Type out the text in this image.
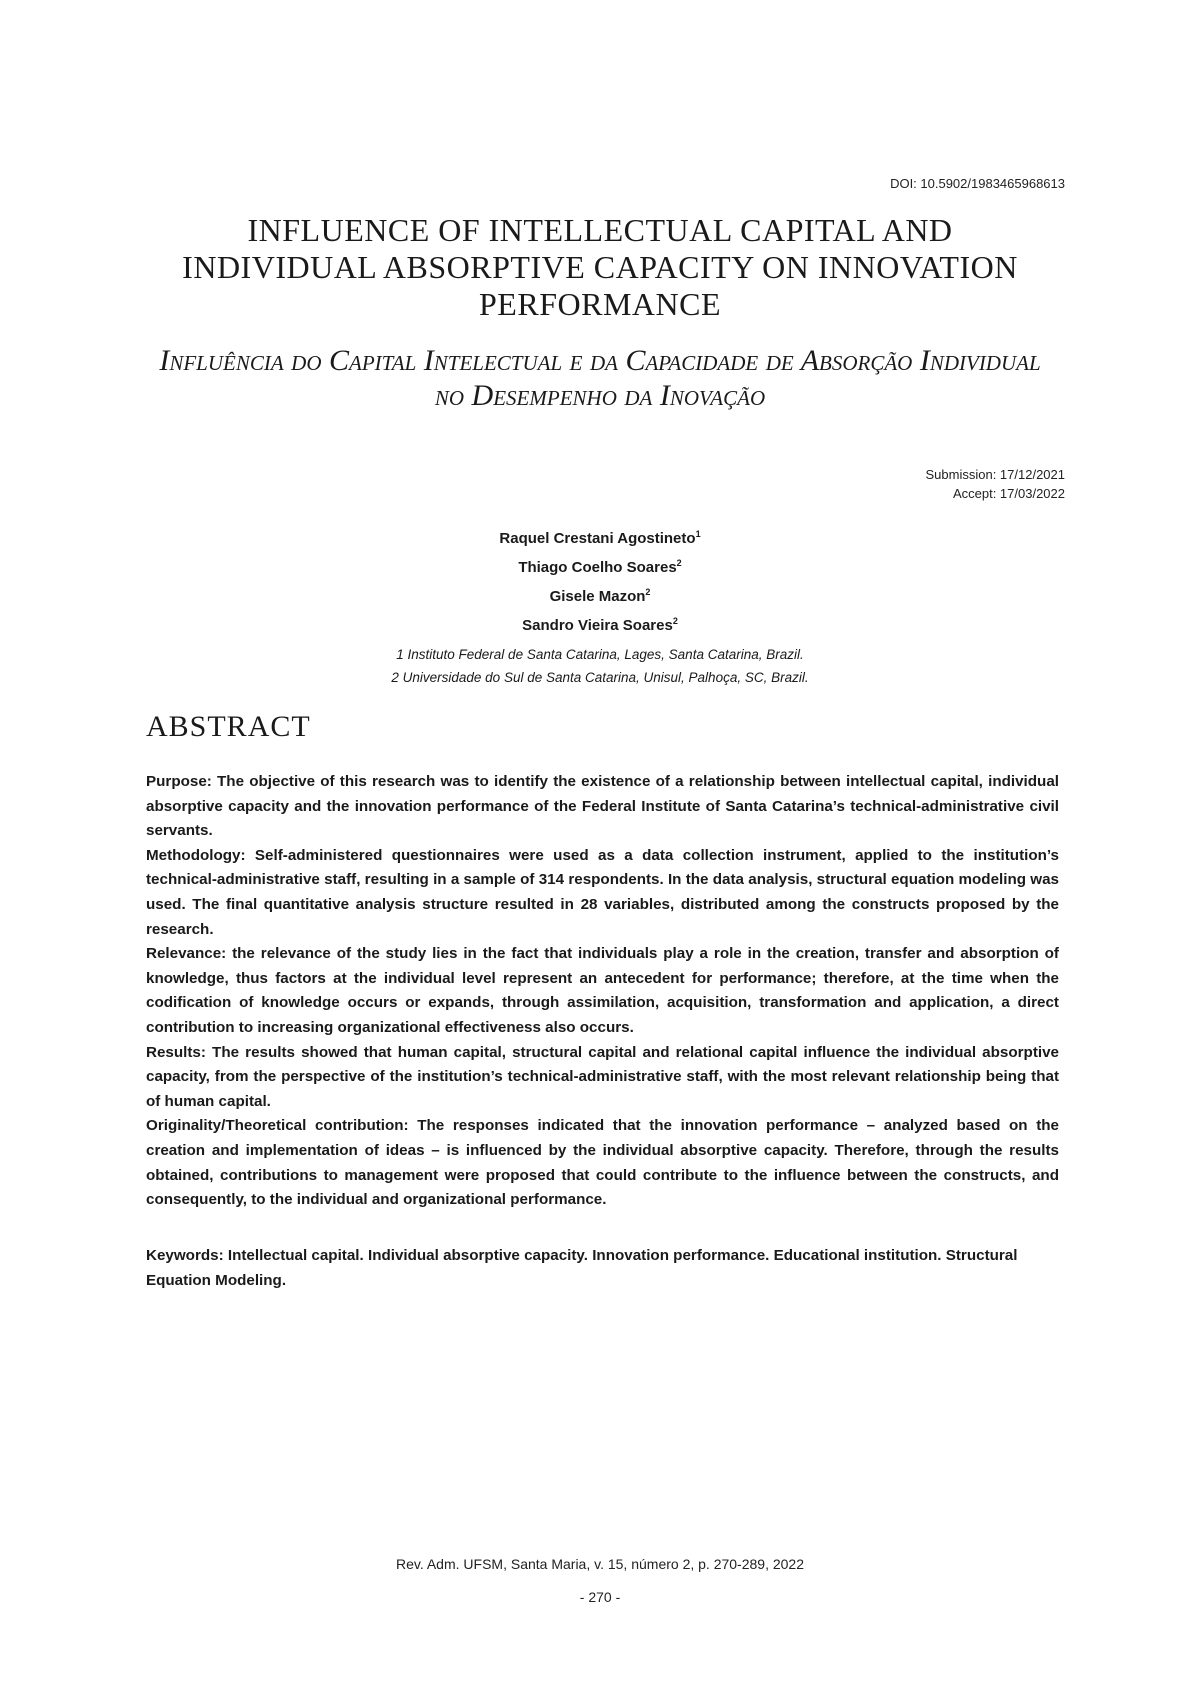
DOI: 10.5902/1983465968613
INFLUENCE OF INTELLECTUAL CAPITAL AND INDIVIDUAL ABSORPTIVE CAPACITY ON INNOVATION PERFORMANCE
Influência do Capital Intelectual e da Capacidade de Absorção Individual no Desempenho da Inovação
Submission: 17/12/2021
Accept: 17/03/2022
Raquel Crestani Agostineto$^1$
Thiago Coelho Soares$^2$
Gisele Mazon$^2$
Sandro Vieira Soares$^2$
1 Instituto Federal de Santa Catarina, Lages, Santa Catarina, Brazil.
2 Universidade do Sul de Santa Catarina, Unisul, Palhoça, SC, Brazil.
ABSTRACT

Purpose: The objective of this research was to identify the existence of a relationship between intellectual capital, individual absorptive capacity and the innovation performance of the Federal Institute of Santa Catarina’s technical-administrative civil servants.

Methodology: Self-administered questionnaires were used as a data collection instrument, applied to the institution’s technical-administrative staff, resulting in a sample of 314 respondents. In the data analysis, structural equation modeling was used. The final quantitative analysis structure resulted in 28 variables, distributed among the constructs proposed by the research.

Relevance: the relevance of the study lies in the fact that individuals play a role in the creation, transfer and absorption of knowledge, thus factors at the individual level represent an antecedent for performance; therefore, at the time when the codification of knowledge occurs or expands, through assimilation, acquisition, transformation and application, a direct contribution to increasing organizational effectiveness also occurs.

Results: The results showed that human capital, structural capital and relational capital influence the individual absorptive capacity, from the perspective of the institution’s technical-administrative staff, with the most relevant relationship being that of human capital.

Originality/Theoretical contribution: The responses indicated that the innovation performance – analyzed based on the creation and implementation of ideas – is influenced by the individual absorptive capacity. Therefore, through the results obtained, contributions to management were proposed that could contribute to the influence between the constructs, and consequently, to the individual and organizational performance.

Keywords: Intellectual capital. Individual absorptive capacity. Innovation performance. Educational institution. Structural Equation Modeling.
Rev. Adm. UFSM, Santa Maria, v. 15, número 2, p. 270-289, 2022
- 270 -
